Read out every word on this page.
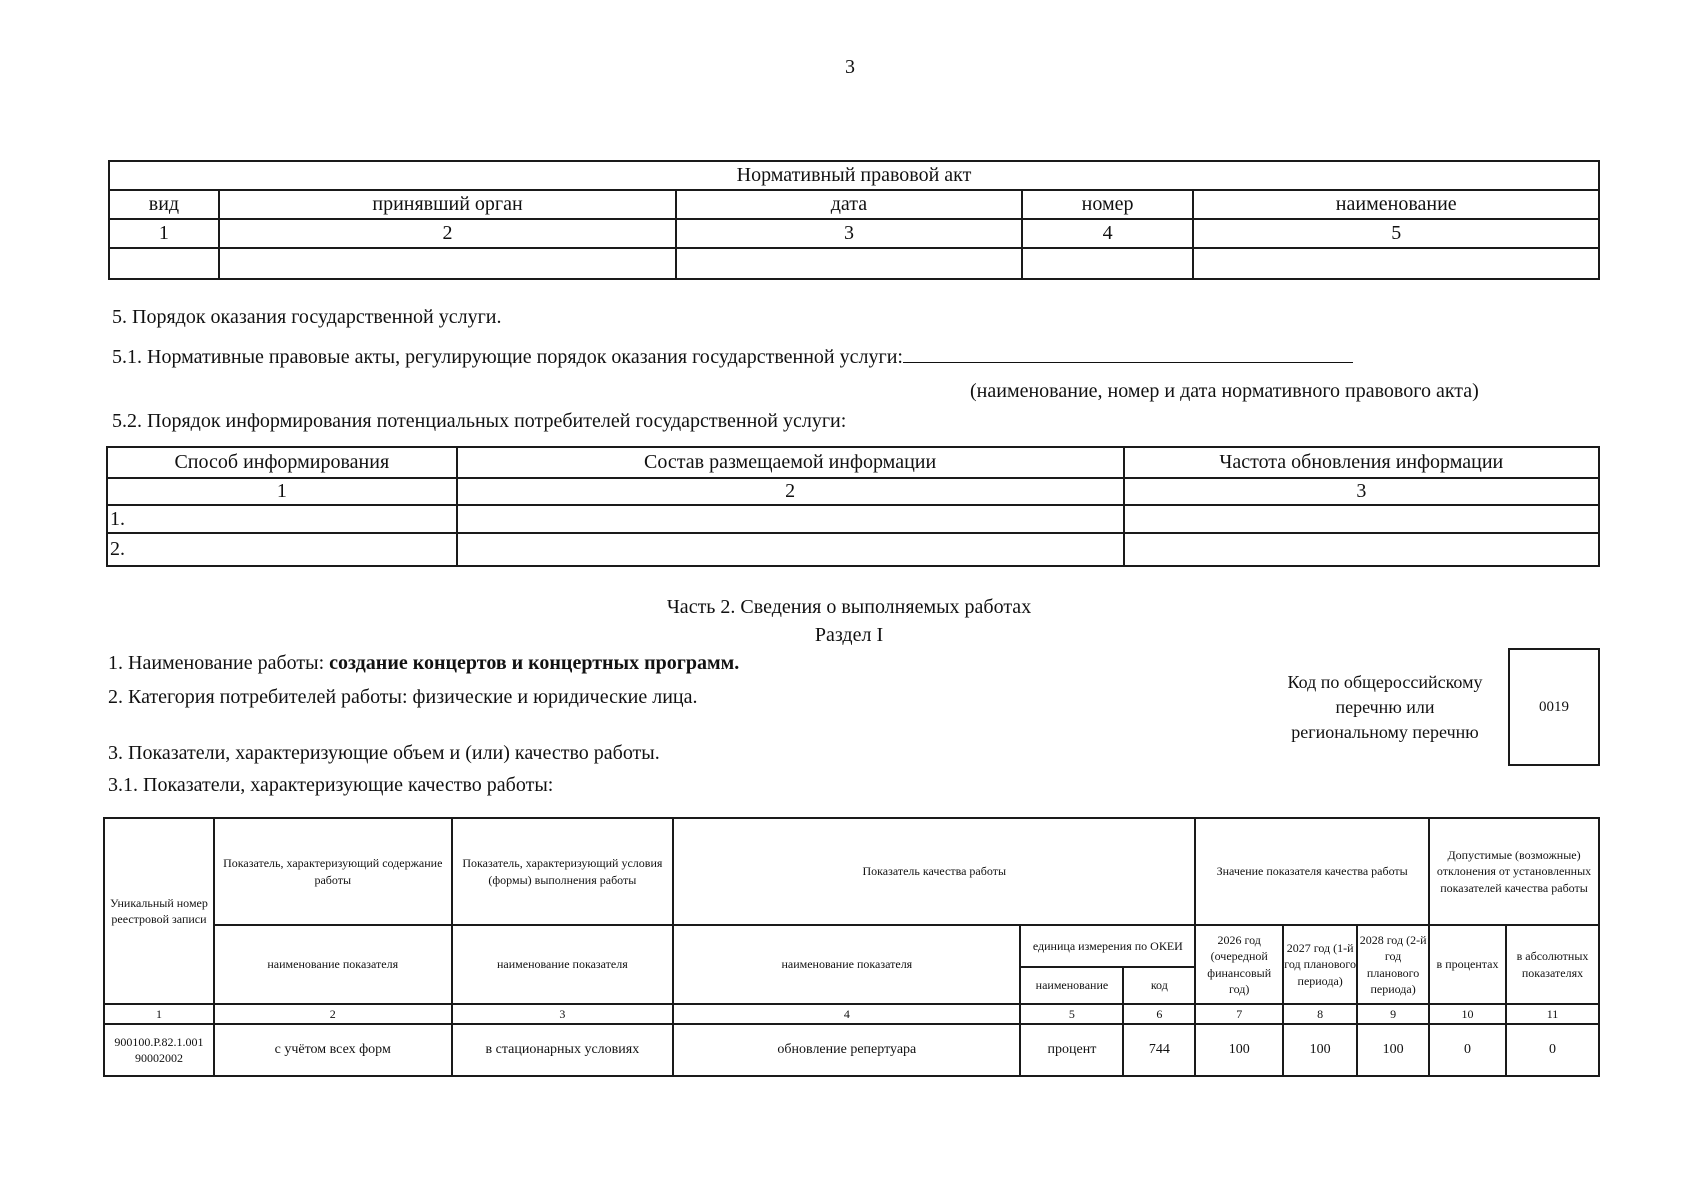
3
Нормативный правовой акт				
вид	принявший орган	дата	номер	наименование
1	2	3	4	5

5. Порядок оказания государственной услуги.
5.1. Нормативные правовые акты, регулирующие порядок оказания государственной услуги:
(наименование, номер и дата нормативного правового акта)
5.2. Порядок информирования потенциальных потребителей государственной услуги:
Способ информирования	Состав размещаемой информации	Частота обновления информации
1	2	3
1.		
2.		
Часть 2. Сведения о выполняемых работах
Раздел I
1. Наименование работы: создание концертов и концертных программ.
2. Категория потребителей работы: физические и юридические лица.
Код по общероссийскому
перечню или
региональному перечню
0019
3. Показатели, характеризующие объем и (или) качество работы.
3.1. Показатели, характеризующие качество работы:
Уникальный номер реестровой записи	Показатель, характеризующий содержание работы	Показатель, характеризующий условия (формы) выполнения работы	Показатель качества работы			Значение показателя качества работы			Допустимые (возможные) отклонения от установленных показателей качества работы	
	наименование показателя	наименование показателя	наименование показателя	единица измерения по ОКЕИ		2026 год (очередной финансовый год)	2027 год (1-й год планового периода)	2028 год (2-й год планового периода)	в процентах	в абсолютных показателях
				наименование	код					
1	2	3	4	5	6	7	8	9	10	11

900100.Р.82.1.001
90002002	с учётом всех форм	в стационарных условиях	обновление репертуара	процент	744	100	100	100	0	0
